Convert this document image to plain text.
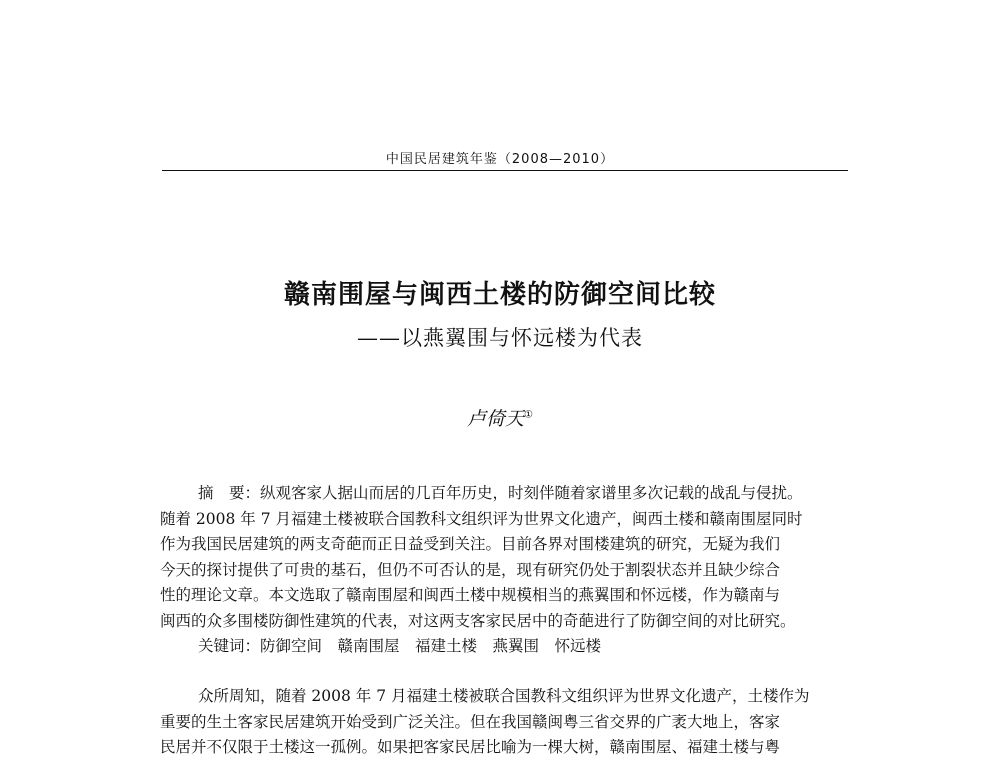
中国民居建筑年鉴（2008—2010）
赣南围屋与闽西土楼的防御空间比较
——以燕翼围与怀远楼为代表
卢倚天①
摘　要：纵观客家人据山而居的几百年历史，时刻伴随着家谱里多次记载的战乱与侵扰。
随着 2008 年 7 月福建土楼被联合国教科文组织评为世界文化遗产，闽西土楼和赣南围屋同时
作为我国民居建筑的两支奇葩而正日益受到关注。目前各界对围楼建筑的研究，无疑为我们
今天的探讨提供了可贵的基石，但仍不可否认的是，现有研究仍处于割裂状态并且缺少综合
性的理论文章。本文选取了赣南围屋和闽西土楼中规模相当的燕翼围和怀远楼，作为赣南与
闽西的众多围楼防御性建筑的代表，对这两支客家民居中的奇葩进行了防御空间的对比研究。
关键词：防御空间　赣南围屋　福建土楼　燕翼围　怀远楼
众所周知，随着 2008 年 7 月福建土楼被联合国教科文组织评为世界文化遗产，土楼作为
重要的生土客家民居建筑开始受到广泛关注。但在我国赣闽粤三省交界的广袤大地上，客家
民居并不仅限于土楼这一孤例。如果把客家民居比喻为一棵大树，赣南围屋、福建土楼与粤
